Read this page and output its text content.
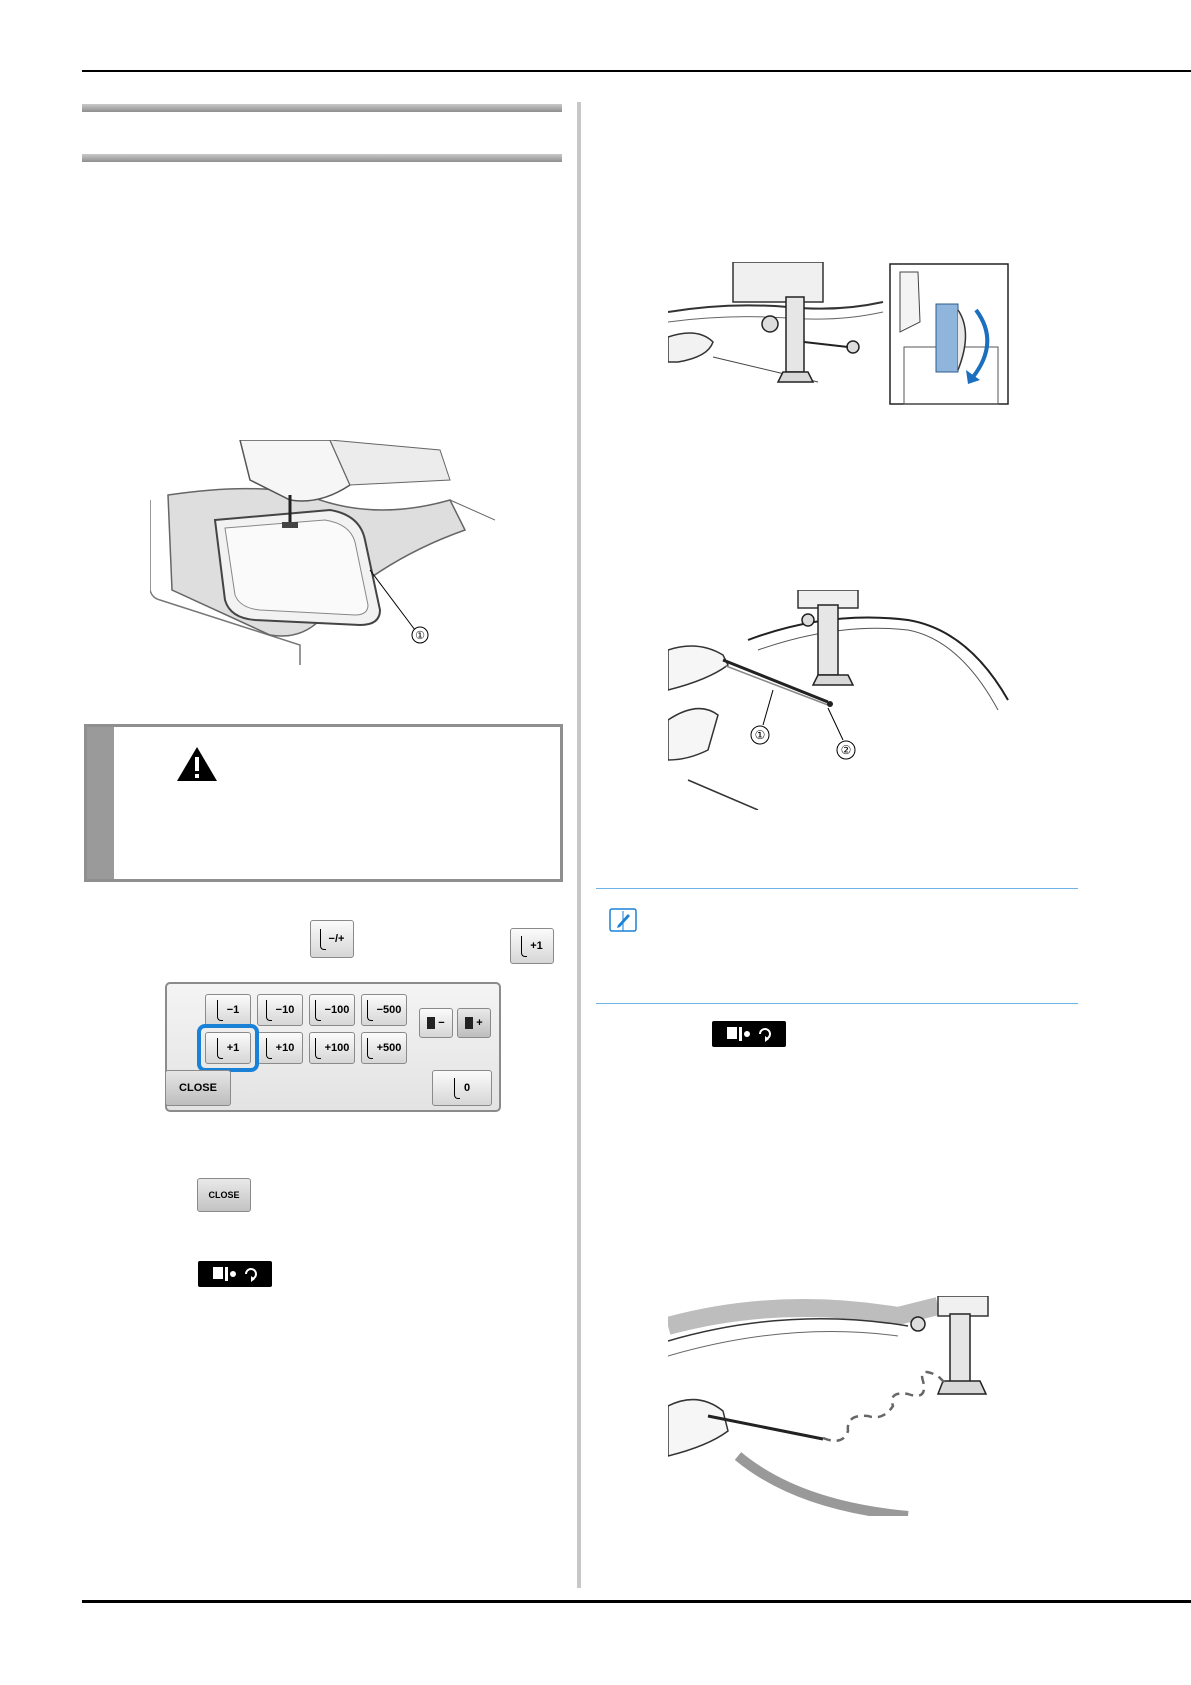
①
−/+
+1
−1	−10	−100 −500
+1	+10	+100 +500
−	+
CLOSE	0
CLOSE
①
②
